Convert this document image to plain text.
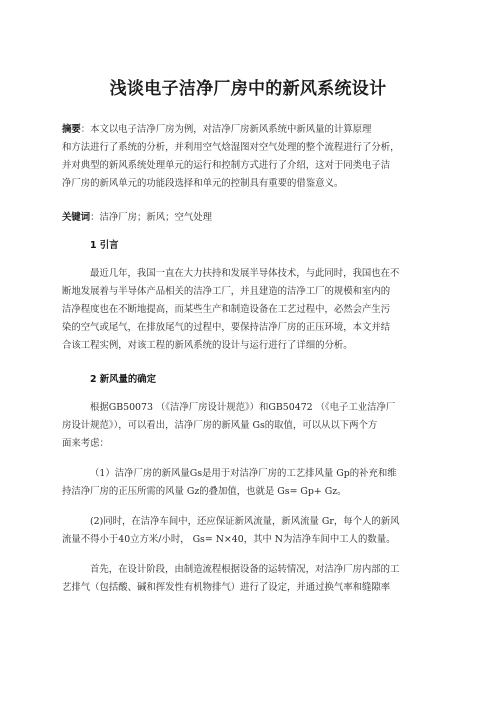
浅谈电子洁净厂房中的新风系统设计
摘要：本文以电子洁净厂房为例，对洁净厂房新风系统中新风量的计算原理
和方法进行了系统的分析，并利用空气焓湿图对空气处理的整个流程进行了分析，
并对典型的新风系统处理单元的运行和控制方式进行了介绍，这对于同类电子洁
净厂房的新风单元的功能段选择和单元的控制具有重要的借鉴意义。
关键词：洁净厂房；新风；空气处理
1 引言
最近几年，我国一直在大力扶持和发展半导体技术，与此同时，我国也在不
断地发展着与半导体产品相关的洁净工厂，并且建造的洁净工厂的规模和室内的
洁净程度也在不断地提高，而某些生产和制造设备在工艺过程中，必然会产生污
染的空气或尾气，在排放尾气的过程中，要保持洁净厂房的正压环境，本文并结
合该工程实例，对该工程的新风系统的设计与运行进行了详细的分析。
2 新风量的确定
根据GB50073 （《洁净厂房设计规范》）和GB50472 （《电子工业洁净厂
房设计规范》），可以看出，洁净厂房的新风量 Gs的取值，可以从以下两个方
面来考虑：
（1）洁净厂房的新风量Gs是用于对洁净厂房的工艺排风量 Gp的补充和维
持洁净厂房的正压所需的风量 Gz的叠加值，也就是 Gs= Gp+ Gz。
(2)同时，在洁净车间中，还应保证新风流量，新风流量 Gr，每个人的新风
流量不得小于40立方米/小时， Gs= N×40，其中 N为洁净车间中工人的数量。
首先，在设计阶段，由制造流程根据设备的运转情况，对洁净厂房内部的工
艺排气（包括酸、碱和挥发性有机物排气）进行了设定，并通过换气率和缝隙率
